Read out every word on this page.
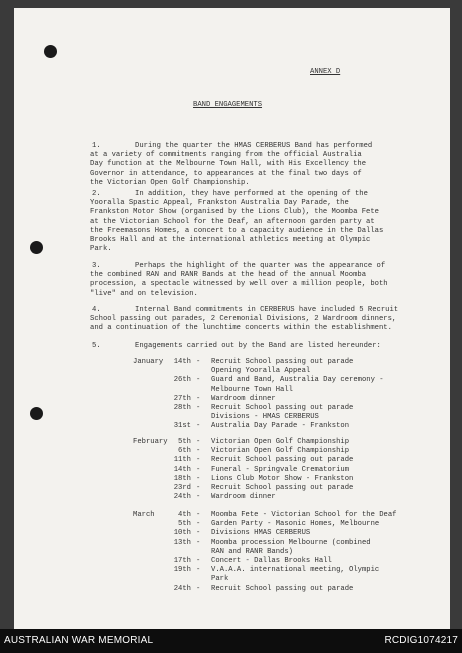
ANNEX D
BAND ENGAGEMENTS
1.	During the quarter the HMAS CERBERUS Band has performed
at a variety of commitments ranging from the official Australia
Day function at the Melbourne Town Hall, with His Excellency the
Governor in attendance, to appearances at the final two days of
the Victorian Open Golf Championship.
2.	In addition, they have performed at the opening of the
Yooralla Spastic Appeal, Frankston Australia Day Parade, the
Frankston Motor Show (organised by the Lions Club), the Moomba Fete
at the Victorian School for the Deaf, an afternoon garden party at
the Freemasons Homes, a concert to a capacity audience in the Dallas
Brooks Hall and at the international athletics meeting at Olympic
Park.
3.	Perhaps the highlight of the quarter was the appearance of
the combined RAN and RANR Bands at the head of the annual Moomba
procession, a spectacle witnessed by well over a million people, both
"live" and on television.
4.	Internal Band commitments in CERBERUS have included 5 Recruit
School passing out parades, 2 Ceremonial Divisions, 2 Wardroom dinners,
and a continuation of the lunchtime concerts within the establishment.
5.	Engagements carried out by the Band are listed hereunder:
January	14th - Recruit School passing out parade
Opening Yooralla Appeal
26th - Guard and Band, Australia Day ceremony -
Melbourne Town Hall
27th - Wardroom dinner
28th - Recruit School passing out parade
Divisions - HMAS CERBERUS
31st - Australia Day Parade - Frankston
February	5th - Victorian Open Golf Championship
6th - Victorian Open Golf Championship
11th - Recruit School passing out parade
14th - Funeral - Springvale Crematorium
18th - Lions Club Motor Show - Frankston
23rd - Recruit School passing out parade
24th - Wardroom dinner
March	4th - Moomba Fete - Victorian School for the Deaf
5th - Garden Party - Masonic Homes, Melbourne
10th - Divisions HMAS CERBERUS
13th - Moomba procession Melbourne (combined
RAN and RANR Bands)
17th - Concert - Dallas Brooks Hall
19th - V.A.A.A. international meeting, Olympic
Park
24th - Recruit School passing out parade
AUSTRALIAN WAR MEMORIAL	RCDIG1074217
